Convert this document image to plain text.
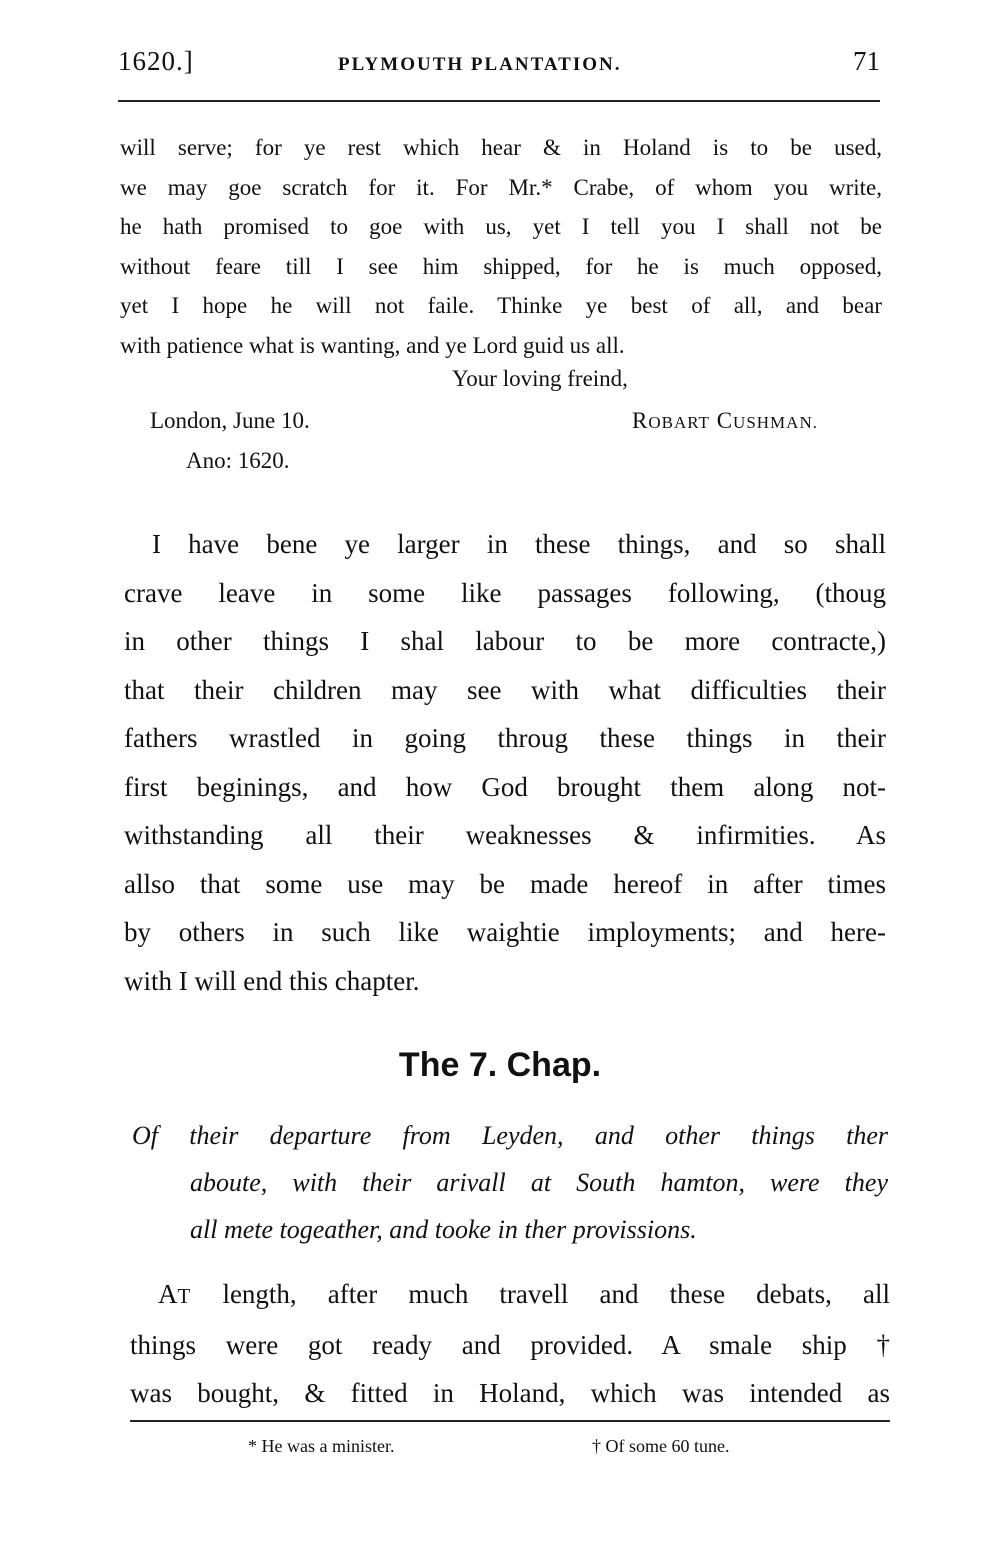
1620.]	PLYMOUTH PLANTATION.	71
will serve; for ye rest which hear & in Holand is to be used,
we may goe scratch for it. For Mr.* Crabe, of whom you write,
he hath promised to goe with us, yet I tell you I shall not be
without feare till I see him shipped, for he is much opposed,
yet I hope he will not faile. Thinke ye best of all, and bear
with patience what is wanting, and ye Lord guid us all.
Your loving freind,
London, June 10.	ROBART CUSHMAN.
Ano: 1620.
I have bene ye larger in these things, and so shall
crave leave in some like passages following, (thoug
in other things I shal labour to be more contracte,)
that their children may see with what difficulties their
fathers wrastled in going throug these things in their
first beginings, and how God brought them along not-
withstanding all their weaknesses & infirmities. As
allso that some use may be made hereof in after times
by others in such like waightie imployments; and here-
with I will end this chapter.
The 7. Chap.
Of their departure from Leyden, and other things ther
aboute, with their arivall at South hamton, were they
all mete togeather, and tooke in ther provissions.
AT length, after much travell and these debats, all
things were got ready and provided. A smale ship †
was bought, & fitted in Holand, which was intended as
* He was a minister.	† Of some 60 tune.
